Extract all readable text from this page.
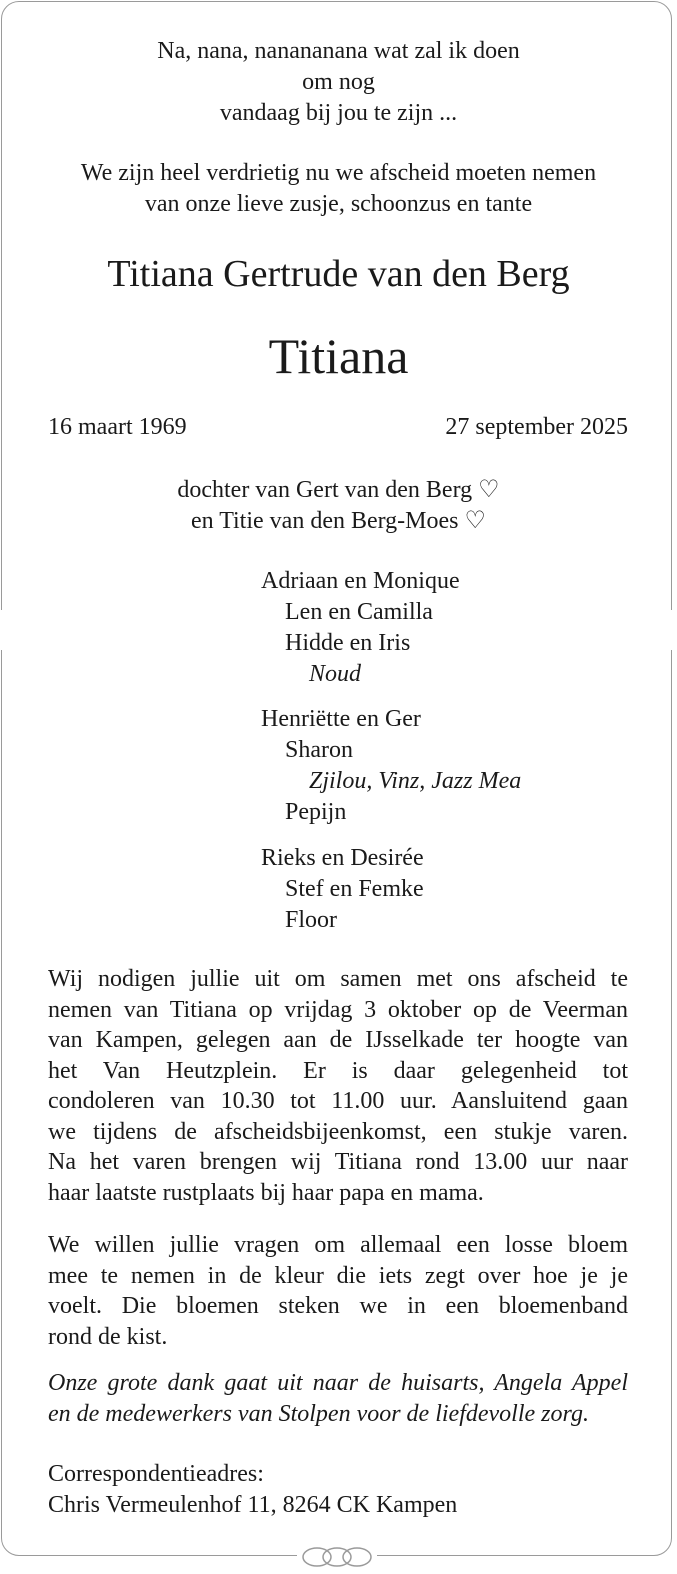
Na, nana, nanananana wat zal ik doen
om nog
vandaag bij jou te zijn ...
We zijn heel verdrietig nu we afscheid moeten nemen
van onze lieve zusje, schoonzus en tante
Titiana Gertrude van den Berg
Titiana
16 maart 1969	27 september 2025
dochter van Gert van den Berg ♡
en Titie van den Berg-Moes ♡
Adriaan en Monique
Len en Camilla
Hidde en Iris
Noud
Henriëtte en Ger
Sharon
Zjilou, Vinz, Jazz Mea
Pepijn
Rieks en Desirée
Stef en Femke
Floor
Wij nodigen jullie uit om samen met ons afscheid te
nemen van Titiana op vrijdag 3 oktober op de Veerman
van Kampen, gelegen aan de IJsselkade ter hoogte van
het Van Heutzplein. Er is daar gelegenheid tot
condoleren van 10.30 tot 11.00 uur. Aansluitend gaan
we tijdens de afscheidsbijeenkomst, een stukje varen.
Na het varen brengen wij Titiana rond 13.00 uur naar
haar laatste rustplaats bij haar papa en mama.
We willen jullie vragen om allemaal een losse bloem
mee te nemen in de kleur die iets zegt over hoe je je
voelt. Die bloemen steken we in een bloemenband
rond de kist.
Onze grote dank gaat uit naar de huisarts, Angela Appel
en de medewerkers van Stolpen voor de liefdevolle zorg.
Correspondentieadres:
Chris Vermeulenhof 11, 8264 CK Kampen
